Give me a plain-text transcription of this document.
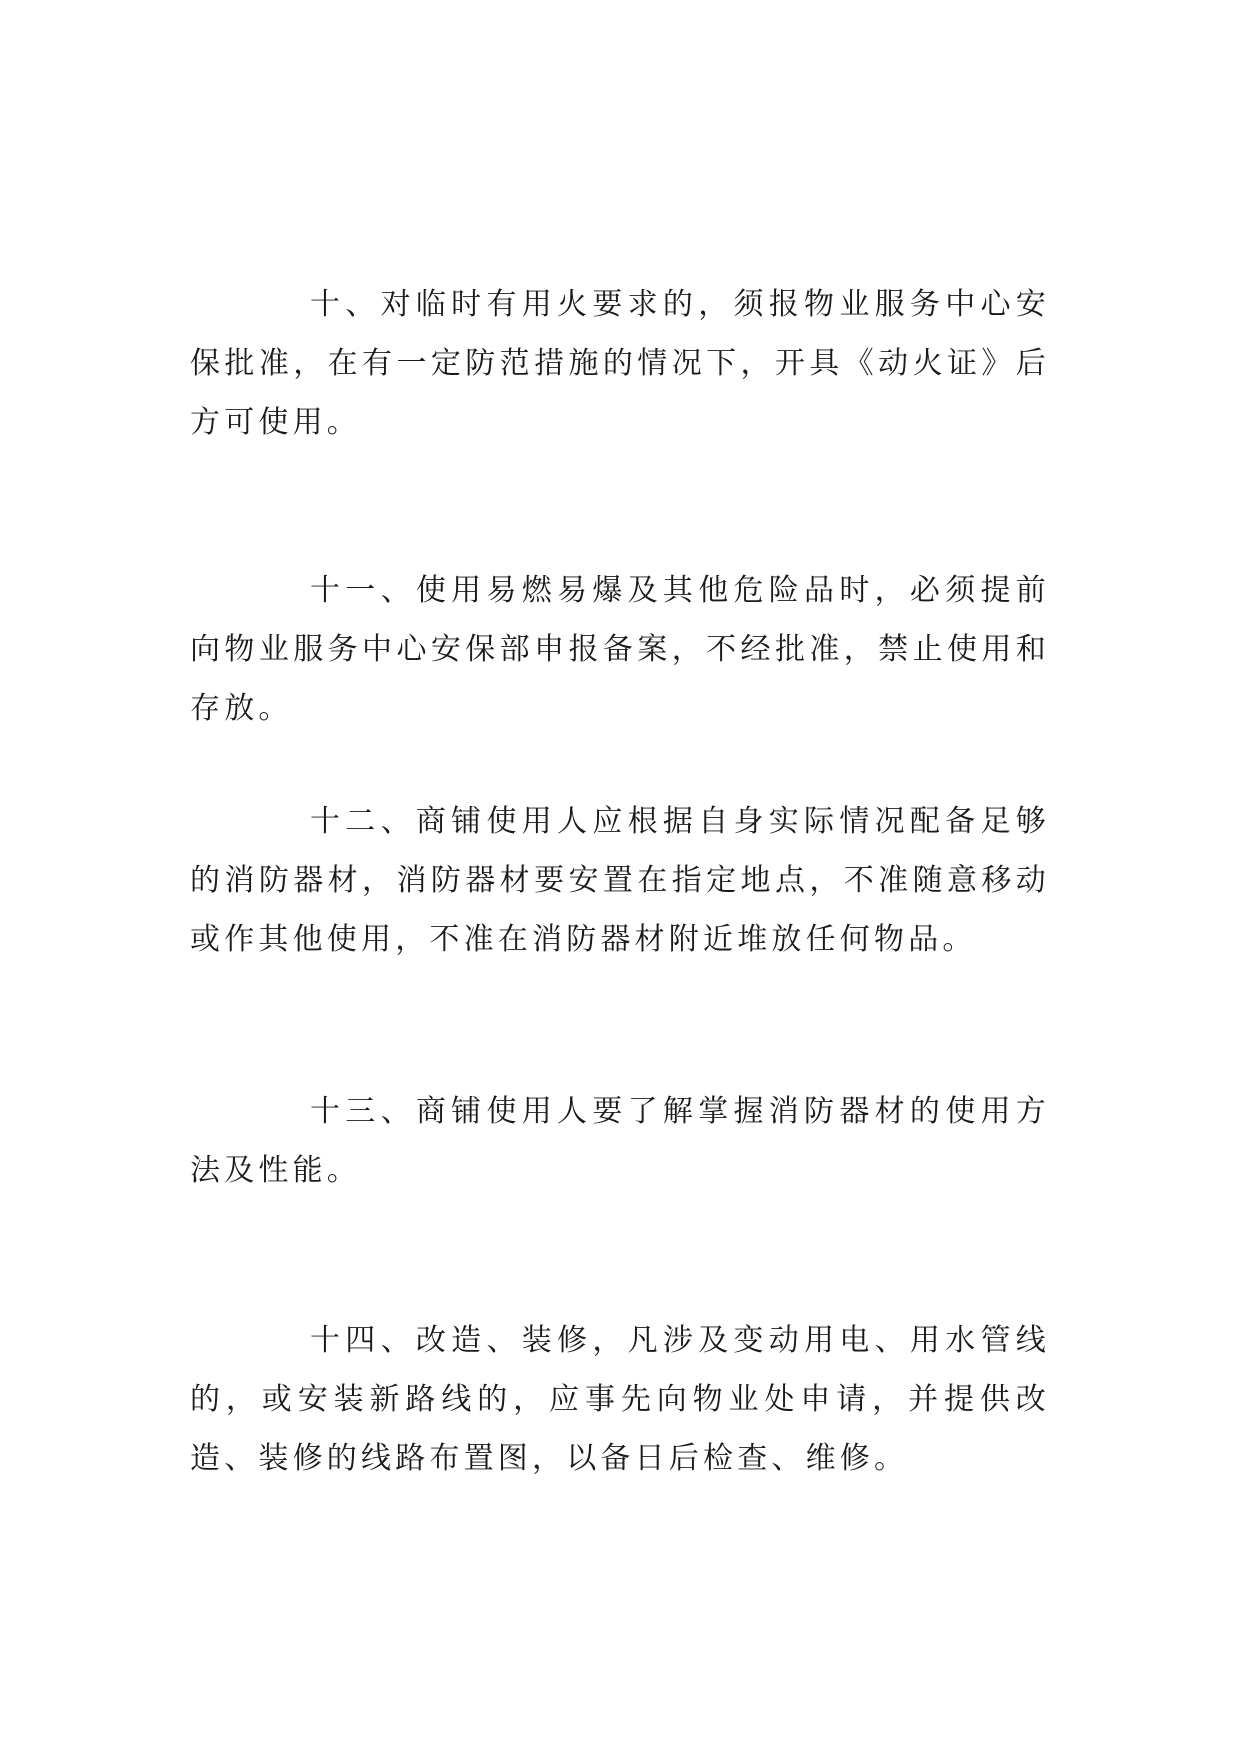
十、对临时有用火要求的，须报物业服务中心安保批准，在有一定防范措施的情况下，开具《动火证》后方可使用。

十一、使用易燃易爆及其他危险品时，必须提前向物业服务中心安保部申报备案，不经批准，禁止使用和存放。

十二、商铺使用人应根据自身实际情况配备足够的消防器材，消防器材要安置在指定地点，不准随意移动或作其他使用，不准在消防器材附近堆放任何物品。

十三、商铺使用人要了解掌握消防器材的使用方法及性能。

十四、改造、装修，凡涉及变动用电、用水管线的，或安装新路线的，应事先向物业处申请，并提供改造、装修的线路布置图，以备日后检查、维修。
